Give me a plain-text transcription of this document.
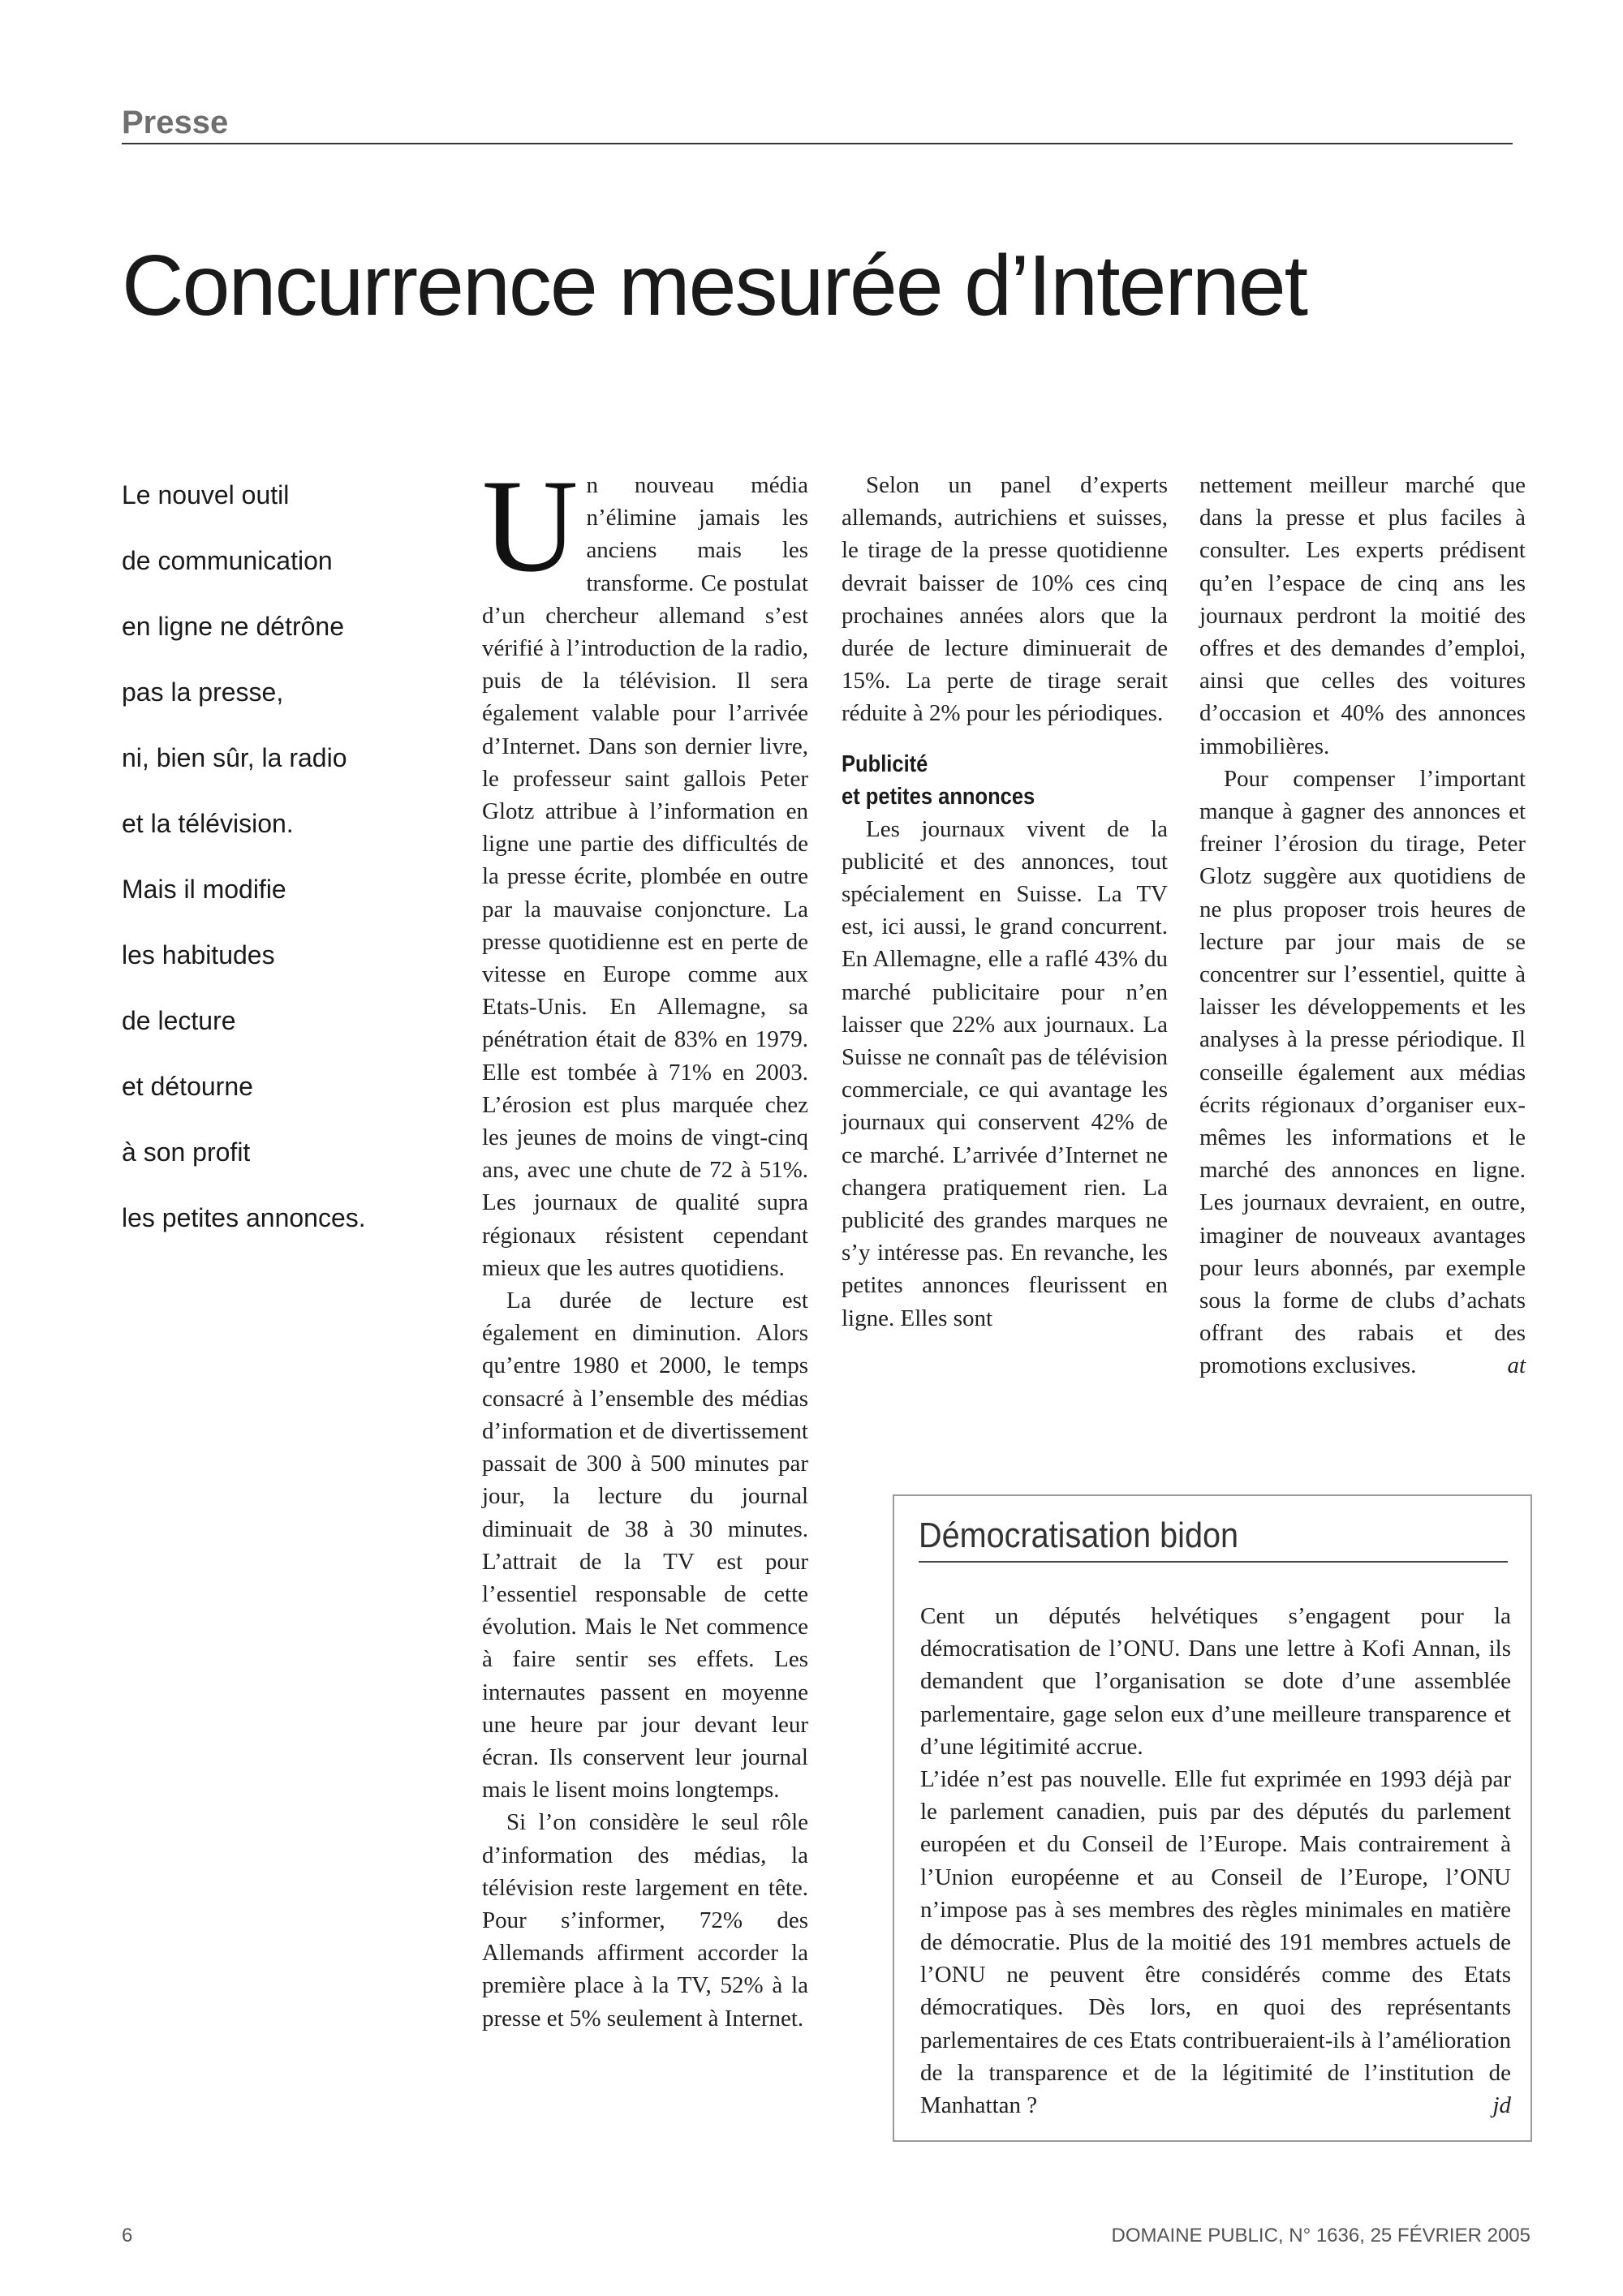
Presse
Concurrence mesurée d’Internet
Le nouvel outil
de communication
en ligne ne détrône
pas la presse,
ni, bien sûr, la radio
et la télévision.
Mais il modifie
les habitudes
de lecture
et détourne
à son profit
les petites annonces.

Un nouveau média n’élimine jamais les anciens mais les transforme. Ce postulat d’un chercheur allemand s’est vérifié à l’introduction de la radio, puis de la télévision. Il sera également valable pour l’arrivée d’Internet. Dans son dernier livre, le professeur saint gallois Peter Glotz attribue à l’information en ligne une partie des difficultés de la presse écrite, plombée en outre par la mauvaise conjoncture. La presse quotidienne est en perte de vitesse en Europe comme aux Etats-Unis. En Allemagne, sa pénétration était de 83% en 1979. Elle est tombée à 71% en 2003. L’érosion est plus marquée chez les jeunes de moins de vingt-cinq ans, avec une chute de 72 à 51%. Les journaux de qualité supra régionaux résistent cependant mieux que les autres quotidiens.

La durée de lecture est également en diminution. Alors qu’entre 1980 et 2000, le temps consacré à l’ensemble des médias d’information et de divertissement passait de 300 à 500 minutes par jour, la lecture du journal diminuait de 38 à 30 minutes. L’attrait de la TV est pour l’essentiel responsable de cette évolution. Mais le Net commence à faire sentir ses effets. Les internautes passent en moyenne une heure par jour devant leur écran. Ils conservent leur journal mais le lisent moins longtemps.

Si l’on considère le seul rôle d’information des médias, la télévision reste largement en tête. Pour s’informer, 72% des Allemands affirment accorder la première place à la TV, 52% à la presse et 5% seulement à Internet.

Selon un panel d’experts allemands, autrichiens et suisses, le tirage de la presse quotidienne devrait baisser de 10% ces cinq prochaines années alors que la durée de lecture diminuerait de 15%. La perte de tirage serait réduite à 2% pour les périodiques.

Publicité
et petites annonces

Les journaux vivent de la publicité et des annonces, tout spécialement en Suisse. La TV est, ici aussi, le grand concurrent. En Allemagne, elle a raflé 43% du marché publicitaire pour n’en laisser que 22% aux journaux. La Suisse ne connaît pas de télévision commerciale, ce qui avantage les journaux qui conservent 42% de ce marché. L’arrivée d’Internet ne changera pratiquement rien. La publicité des grandes marques ne s’y intéresse pas. En revanche, les petites annonces fleurissent en ligne. Elles sont

nettement meilleur marché que dans la presse et plus faciles à consulter. Les experts prédisent qu’en l’espace de cinq ans les journaux perdront la moitié des offres et des demandes d’emploi, ainsi que celles des voitures d’occasion et 40% des annonces immobilières.

Pour compenser l’important manque à gagner des annonces et freiner l’érosion du tirage, Peter Glotz suggère aux quotidiens de ne plus proposer trois heures de lecture par jour mais de se concentrer sur l’essentiel, quitte à laisser les développements et les analyses à la presse périodique. Il conseille également aux médias écrits régionaux d’organiser eux-mêmes les informations et le marché des annonces en ligne. Les journaux devraient, en outre, imaginer de nouveaux avantages pour leurs abonnés, par exemple sous la forme de clubs d’achats offrant des rabais et des promotions exclusives.	at

Démocratisation bidon

Cent un députés helvétiques s’engagent pour la démocratisation de l’ONU. Dans une lettre à Kofi Annan, ils demandent que l’organisation se dote d’une assemblée parlementaire, gage selon eux d’une meilleure transparence et d’une légitimité accrue.

L’idée n’est pas nouvelle. Elle fut exprimée en 1993 déjà par le parlement canadien, puis par des députés du parlement européen et du Conseil de l’Europe. Mais contrairement à l’Union européenne et au Conseil de l’Europe, l’ONU n’impose pas à ses membres des règles minimales en matière de démocratie. Plus de la moitié des 191 membres actuels de l’ONU ne peuvent être considérés comme des Etats démocratiques. Dès lors, en quoi des représentants parlementaires de ces Etats contribueraient-ils à l’amélioration de la transparence et de la légitimité de l’institution de Manhattan ?	jd

6	DOMAINE PUBLIC, N° 1636, 25 FÉVRIER 2005
